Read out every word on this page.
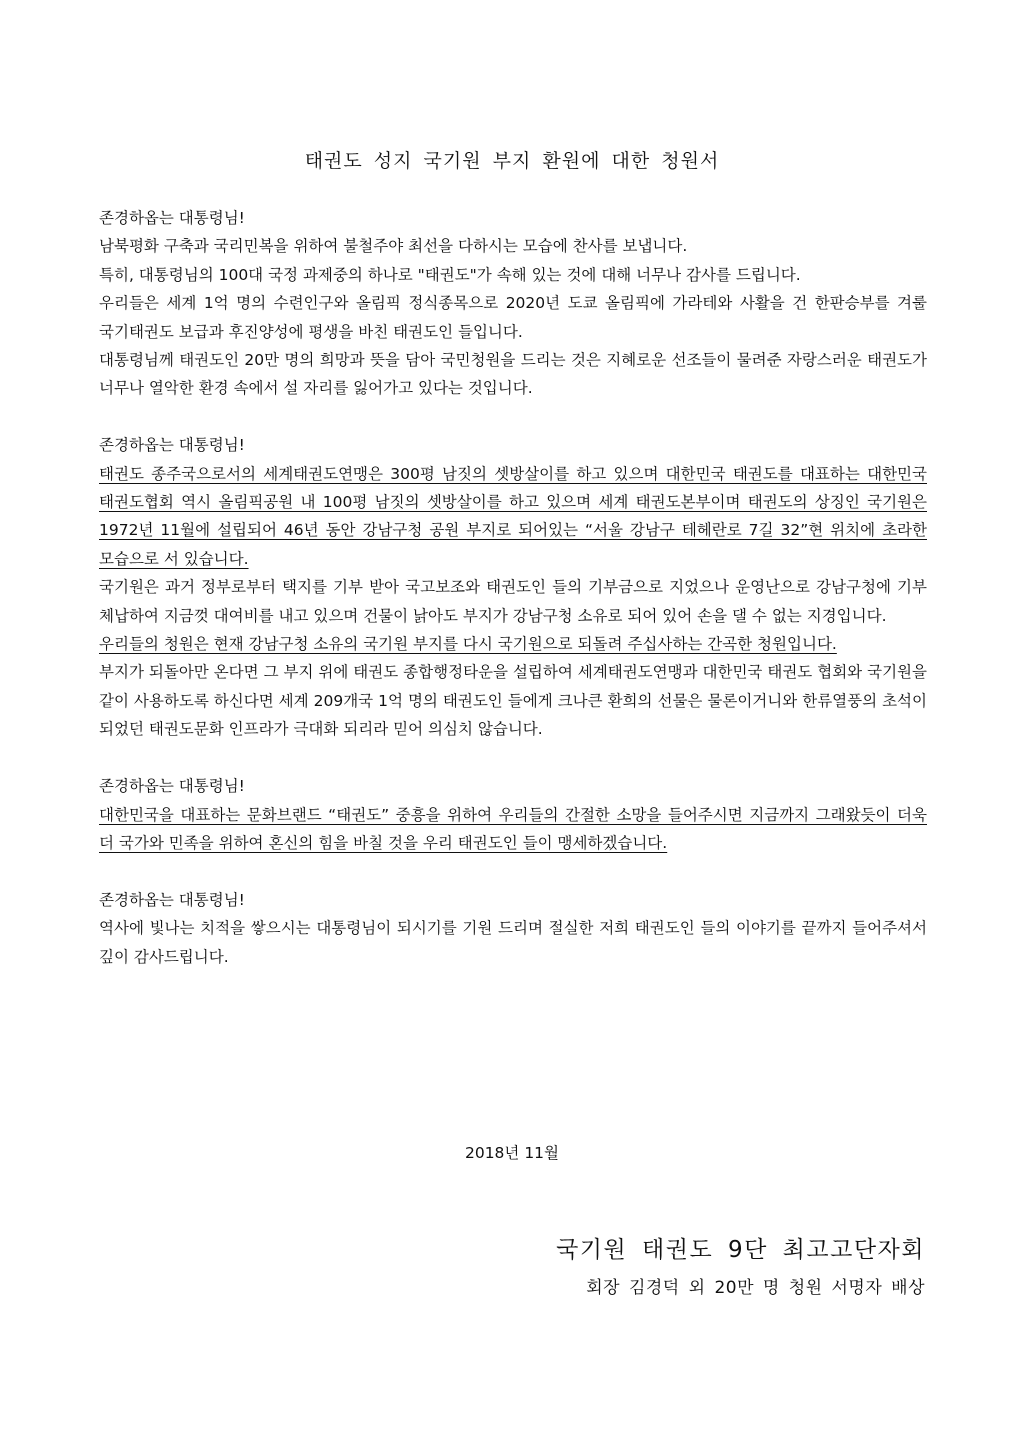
태권도 성지 국기원 부지 환원에 대한 청원서

존경하옵는 대통령님!

남북평화 구축과 국리민복을 위하여 불철주야 최선을 다하시는 모습에 찬사를 보냅니다.

특히, 대통령님의 100대 국정 과제중의 하나로 "태권도"가 속해 있는 것에 대해 너무나 감사를 드립니다.

우리들은 세계 1억 명의 수련인구와 올림픽 정식종목으로 2020년 도쿄 올림픽에 가라테와 사활을 건 한판승부를 겨룰 국기태권도 보급과 후진양성에 평생을 바친 태권도인 들입니다.

대통령님께 태권도인 20만 명의 희망과 뜻을 담아 국민청원을 드리는 것은 지혜로운 선조들이 물려준 자랑스러운 태권도가 너무나 열악한 환경 속에서 설 자리를 잃어가고 있다는 것입니다.

존경하옵는 대통령님!

태권도 종주국으로서의 세계태권도연맹은 300평 남짓의 셋방살이를 하고 있으며 대한민국 태권도를 대표하는 대한민국 태권도협회 역시 올림픽공원 내 100평 남짓의 셋방살이를 하고 있으며 세계 태권도본부이며 태권도의 상징인 국기원은 1972년 11월에 설립되어 46년 동안 강남구청 공원 부지로 되어있는 “서울 강남구 테헤란로 7길 32”현 위치에 초라한 모습으로 서 있습니다.

국기원은 과거 정부로부터 택지를 기부 받아 국고보조와 태권도인 들의 기부금으로 지었으나 운영난으로 강남구청에 기부 체납하여 지금껏 대여비를 내고 있으며 건물이 낡아도 부지가 강남구청 소유로 되어 있어 손을 댈 수 없는 지경입니다.

우리들의 청원은 현재 강남구청 소유의 국기원 부지를 다시 국기원으로 되돌려 주십사하는 간곡한 청원입니다.

부지가 되돌아만 온다면 그 부지 위에 태권도 종합행정타운을 설립하여 세계태권도연맹과 대한민국 태권도 협회와 국기원을 같이 사용하도록 하신다면 세계 209개국 1억 명의 태권도인 들에게 크나큰 환희의 선물은 물론이거니와 한류열풍의 초석이 되었던 태권도문화 인프라가 극대화 되리라 믿어 의심치 않습니다.

존경하옵는 대통령님!

대한민국을 대표하는 문화브랜드 “태권도” 중흥을 위하여 우리들의 간절한 소망을 들어주시면 지금까지 그래왔듯이 더욱 더 국가와 민족을 위하여 혼신의 힘을 바칠 것을 우리 태권도인 들이 맹세하겠습니다.

존경하옵는 대통령님!

역사에 빛나는 치적을 쌓으시는 대통령님이 되시기를 기원 드리며 절실한 저희 태권도인 들의 이야기를 끝까지 들어주셔서 깊이 감사드립니다.

2018년 11월

국기원 태권도 9단 최고고단자회

회장 김경덕 외 20만 명 청원 서명자 배상
